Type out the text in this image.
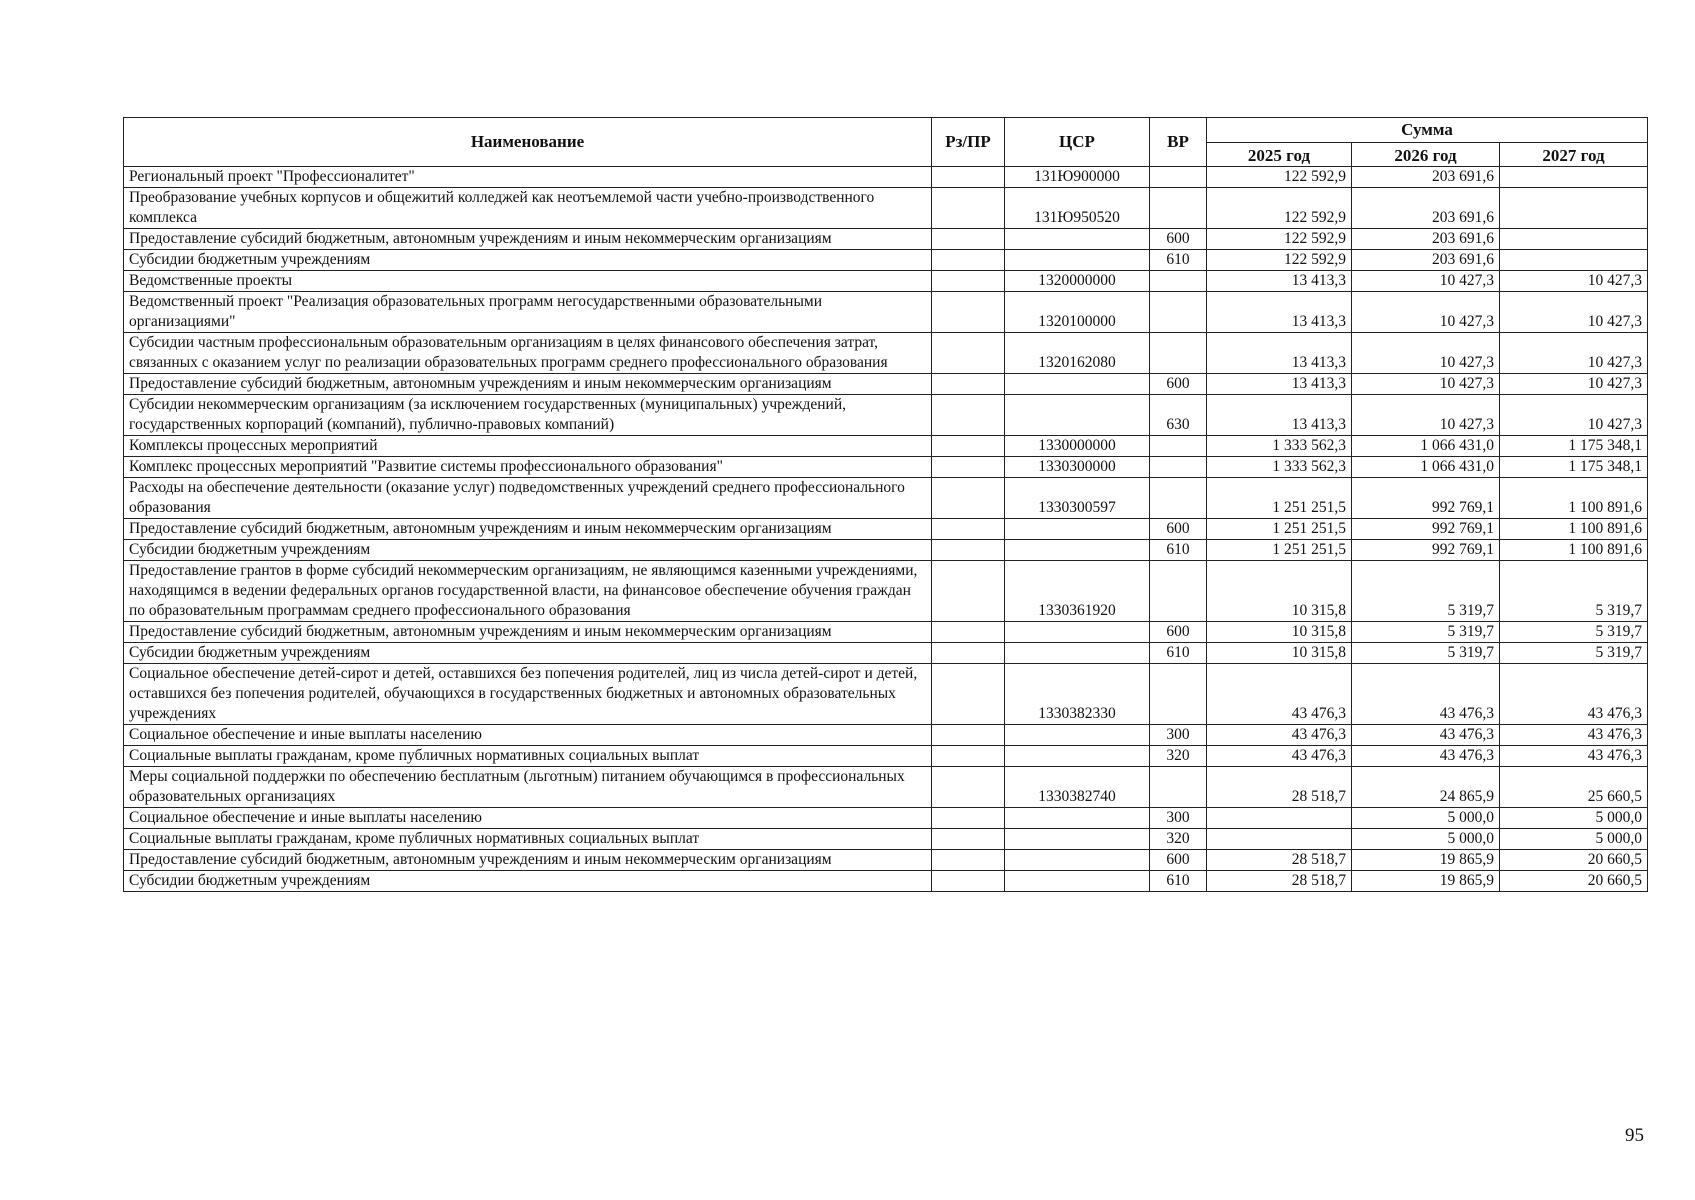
Наименование	Рз/ПР	ЦСР	ВР	Сумма		
				2025 год	2026 год	2027 год
Региональный проект "Профессионалитет"		131Ю900000		122 592,9	203 691,6	
Преобразование учебных корпусов и общежитий колледжей как неотъемлемой части учебно-производственного комплекса		131Ю950520		122 592,9	203 691,6	
Предоставление субсидий бюджетным, автономным учреждениям и иным некоммерческим организациям			600	122 592,9	203 691,6	
Субсидии бюджетным учреждениям			610	122 592,9	203 691,6	
Ведомственные проекты		1320000000		13 413,3	10 427,3	10 427,3
Ведомственный проект "Реализация образовательных программ негосударственными образовательными организациями"		1320100000		13 413,3	10 427,3	10 427,3
Субсидии частным профессиональным образовательным организациям в целях финансового обеспечения затрат, связанных с оказанием услуг по реализации образовательных программ среднего профессионального образования		1320162080		13 413,3	10 427,3	10 427,3
Предоставление субсидий бюджетным, автономным учреждениям и иным некоммерческим организациям			600	13 413,3	10 427,3	10 427,3
Субсидии некоммерческим организациям (за исключением государственных (муниципальных) учреждений, государственных корпораций (компаний), публично-правовых компаний)			630	13 413,3	10 427,3	10 427,3
Комплексы процессных мероприятий		1330000000		1 333 562,3	1 066 431,0	1 175 348,1
Комплекс процессных мероприятий "Развитие системы профессионального образования"		1330300000		1 333 562,3	1 066 431,0	1 175 348,1
Расходы на обеспечение деятельности (оказание услуг) подведомственных учреждений среднего профессионального образования		1330300597		1 251 251,5	992 769,1	1 100 891,6
Предоставление субсидий бюджетным, автономным учреждениям и иным некоммерческим организациям			600	1 251 251,5	992 769,1	1 100 891,6
Субсидии бюджетным учреждениям			610	1 251 251,5	992 769,1	1 100 891,6
Предоставление грантов в форме субсидий некоммерческим организациям, не являющимся казенными учреждениями, находящимся в ведении федеральных органов государственной власти, на финансовое обеспечение обучения граждан по образовательным программам среднего профессионального образования		1330361920		10 315,8	5 319,7	5 319,7
Предоставление субсидий бюджетным, автономным учреждениям и иным некоммерческим организациям			600	10 315,8	5 319,7	5 319,7
Субсидии бюджетным учреждениям			610	10 315,8	5 319,7	5 319,7
Социальное обеспечение детей-сирот и детей, оставшихся без попечения родителей, лиц из числа детей-сирот и детей, оставшихся без попечения родителей, обучающихся в государственных бюджетных и автономных образовательных учреждениях		1330382330		43 476,3	43 476,3	43 476,3
Социальное обеспечение и иные выплаты населению			300	43 476,3	43 476,3	43 476,3
Социальные выплаты гражданам, кроме публичных нормативных социальных выплат			320	43 476,3	43 476,3	43 476,3
Меры социальной поддержки по обеспечению бесплатным (льготным) питанием обучающимся в профессиональных образовательных организациях		1330382740		28 518,7	24 865,9	25 660,5
Социальное обеспечение и иные выплаты населению			300		5 000,0	5 000,0
Социальные выплаты гражданам, кроме публичных нормативных социальных выплат			320		5 000,0	5 000,0
Предоставление субсидий бюджетным, автономным учреждениям и иным некоммерческим организациям			600	28 518,7	19 865,9	20 660,5
Субсидии бюджетным учреждениям			610	28 518,7	19 865,9	20 660,5
95
